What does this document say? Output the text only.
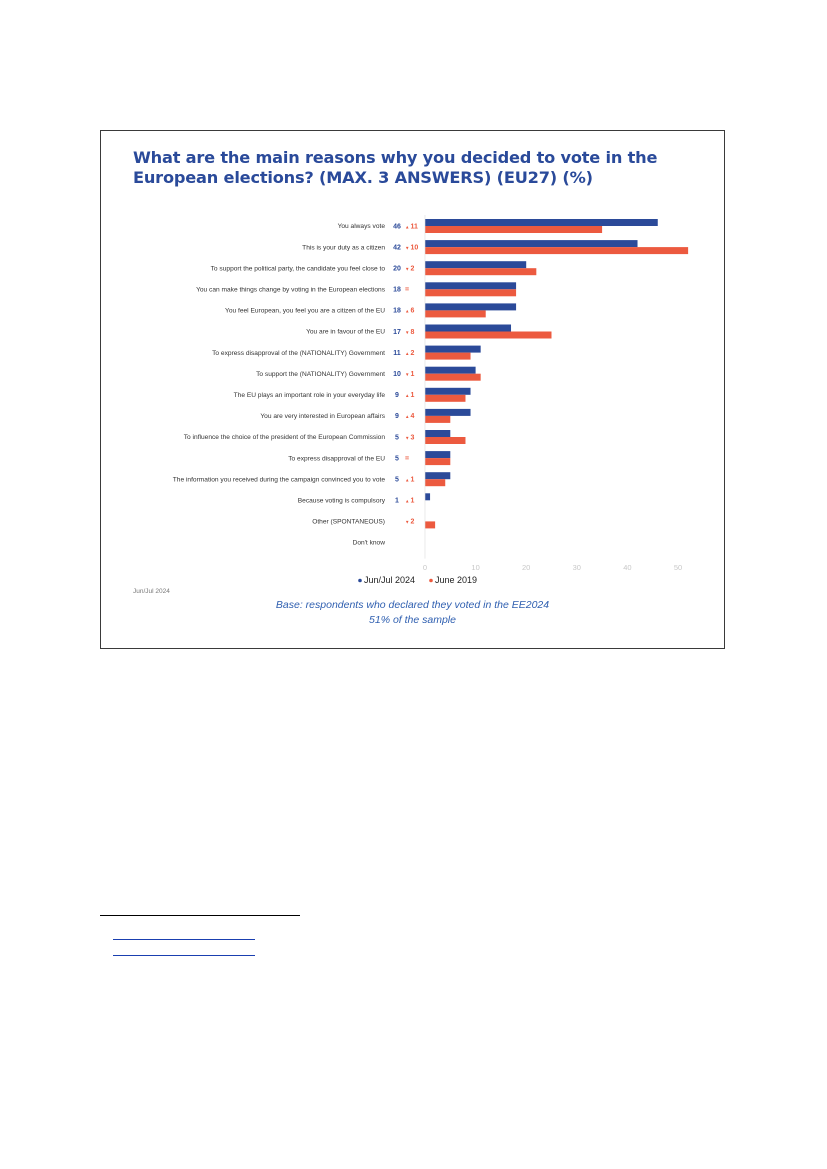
What are the main reasons why you decided to vote in the European elections? (MAX. 3 ANSWERS) (EU27) (%)
You always vote 46 ▲11
This is your duty as a citizen 42 ▼10
To support the political party, the candidate you feel close to 20 ▼2
You can make things change by voting in the European elections 18 =
You feel European, you feel you are a citizen of the EU 18 ▲6
You are in favour of the EU 17 ▼8
To express disapproval of the (NATIONALITY) Government 11 ▲2
To support the (NATIONALITY) Government 10 ▼1
The EU plays an important role in your everyday life 9 ▲1
You are very interested in European affairs 9 ▲4
To influence the choice of the president of the European Commission 5 ▼3
To express disapproval of the EU 5 =
The information you received during the campaign convinced you to vote 5 ▲1
Because voting is compulsory 1 ▲1
Other (SPONTANEOUS)	▼2
Don't know
0	10	20	30	40	50
Jun/Jul 2024 June 2019
Jun/Jul 2024
Base: respondents who declared they voted in the EE2024
51% of the sample
